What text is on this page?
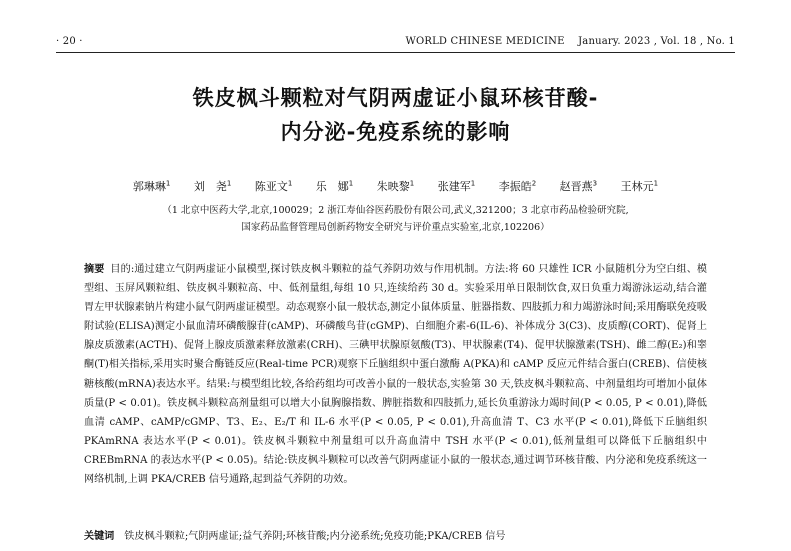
· 20 ·	WORLD CHINESE MEDICINE    January. 2023 , Vol. 18 , No. 1
铁皮枫斗颗粒对气阴两虚证小鼠环核苷酸-
内分泌-免疫系统的影响
郭琳琳$^1$ 刘　尧$^1$ 陈亚文$^1$ 乐　娜$^1$ 朱映黎$^1$ 张建军$^1$ 李振皓$^2$ 赵晋燕$^3$ 王林元$^1$
（1 北京中医药大学,北京,100029；2 浙江寿仙谷医药股份有限公司,武义,321200；3 北京市药品检验研究院,
国家药品监督管理局创新药物安全研究与评价重点实验室,北京,102206）

摘要 目的:通过建立气阴两虚证小鼠模型,探讨铁皮枫斗颗粒的益气养阴功效与作用机制。方法:将 60 只雄性 ICR 小鼠随机分为空白组、模型组、玉屏风颗粒组、铁皮枫斗颗粒高、中、低剂量组,每组 10 只,连续给药 30 d。实验采用单日限制饮食,双日负重力竭游泳运动,结合灌胃左甲状腺素钠片构建小鼠气阴两虚证模型。动态观察小鼠一般状态,测定小鼠体质量、脏器指数、四肢抓力和力竭游泳时间;采用酶联免疫吸附试验(ELISA)测定小鼠血清环磷酸腺苷(cAMP)、环磷酸鸟苷(cGMP)、白细胞介素-6(IL-6)、补体成分 3(C3)、皮质醇(CORT)、促肾上腺皮质激素(ACTH)、促肾上腺皮质激素释放激素(CRH)、三碘甲状腺原氨酸(T3)、甲状腺素(T4)、促甲状腺激素(TSH)、雌二醇(E₂)和睾酮(T)相关指标,采用实时聚合酶链反应(Real-time PCR)观察下丘脑组织中蛋白激酶 A(PKA)和 cAMP 反应元件结合蛋白(CREB)、信使核糖核酸(mRNA)表达水平。结果:与模型组比较,各给药组均可改善小鼠的一般状态,实验第 30 天,铁皮枫斗颗粒高、中剂量组均可增加小鼠体质量(P < 0.01)。铁皮枫斗颗粒高剂量组可以增大小鼠胸腺指数、脾脏指数和四肢抓力,延长负重游泳力竭时间(P < 0.05, P < 0.01),降低血清 cAMP、cAMP/cGMP、T3、E₂、E₂/T 和 IL-6 水平(P < 0.05, P < 0.01),升高血清 T、C3 水平(P < 0.01),降低下丘脑组织 PKAmRNA 表达水平(P < 0.01)。铁皮枫斗颗粒中剂量组可以升高血清中 TSH 水平(P < 0.01),低剂量组可以降低下丘脑组织中 CREBmRNA 的表达水平(P < 0.05)。结论:铁皮枫斗颗粒可以改善气阴两虚证小鼠的一般状态,通过调节环核苷酸、内分泌和免疫系统这一网络机制,上调 PKA/CREB 信号通路,起到益气养阴的功效。

关键词 铁皮枫斗颗粒;气阴两虚证;益气养阴;环核苷酸;内分泌系统;免疫功能;PKA/CREB 信号
